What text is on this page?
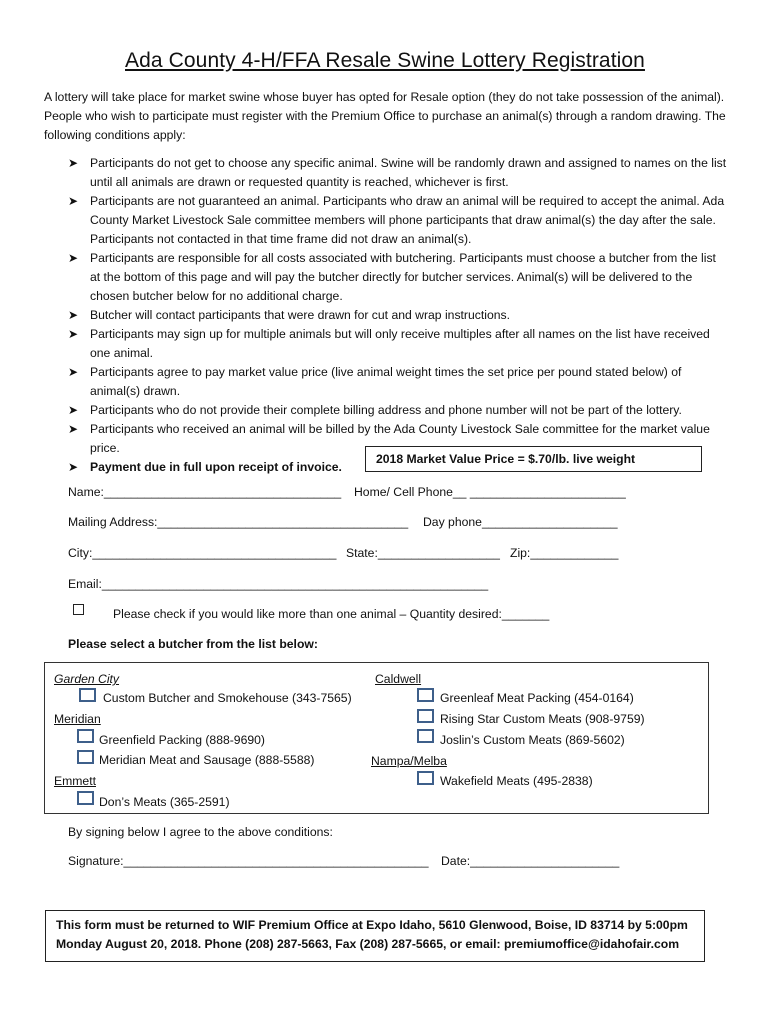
Ada County 4-H/FFA Resale Swine Lottery Registration
A lottery will take place for market swine whose buyer has opted for Resale option (they do not take possession of the animal). People who wish to participate must register with the Premium Office to purchase an animal(s) through a random drawing. The following conditions apply:
➤ Participants do not get to choose any specific animal. Swine will be randomly drawn and assigned to names on the list until all animals are drawn or requested quantity is reached, whichever is first.
➤ Participants are not guaranteed an animal. Participants who draw an animal will be required to accept the animal. Ada County Market Livestock Sale committee members will phone participants that draw animal(s) the day after the sale. Participants not contacted in that time frame did not draw an animal(s).
➤ Participants are responsible for all costs associated with butchering. Participants must choose a butcher from the list at the bottom of this page and will pay the butcher directly for butcher services. Animal(s) will be delivered to the chosen butcher below for no additional charge.
➤ Butcher will contact participants that were drawn for cut and wrap instructions.
➤ Participants may sign up for multiple animals but will only receive multiples after all names on the list have received one animal.
➤ Participants agree to pay market value price (live animal weight times the set price per pound stated below) of animal(s) drawn.
➤ Participants who do not provide their complete billing address and phone number will not be part of the lottery.
➤ Participants who received an animal will be billed by the Ada County Livestock Sale committee for the market value price.
➤ Payment due in full upon receipt of invoice.
2018 Market Value Price = $.70/lb. live weight
Name:___________________________________ Home/ Cell Phone__ _______________________
Mailing Address:_____________________________________ Day phone____________________
City:____________________________________ State:__________________ Zip:_____________
Email:_________________________________________________________
Please check if you would like more than one animal – Quantity desired:_______
Please select a butcher from the list below:
Garden City
Custom Butcher and Smokehouse (343-7565)
Meridian
Greenfield Packing (888-9690)
Meridian Meat and Sausage (888-5588)
Emmett
Don’s Meats (365-2591)
Caldwell
Greenleaf Meat Packing (454-0164)
Rising Star Custom Meats (908-9759)
Joslin’s Custom Meats (869-5602)
Nampa/Melba
Wakefield Meats (495-2838)
By signing below I agree to the above conditions:
Signature:_____________________________________________ Date:______________________
This form must be returned to WIF Premium Office at Expo Idaho, 5610 Glenwood, Boise, ID 83714 by 5:00pm
Monday August 20, 2018. Phone (208) 287-5663, Fax (208) 287-5665, or email: premiumoffice@idahofair.com
